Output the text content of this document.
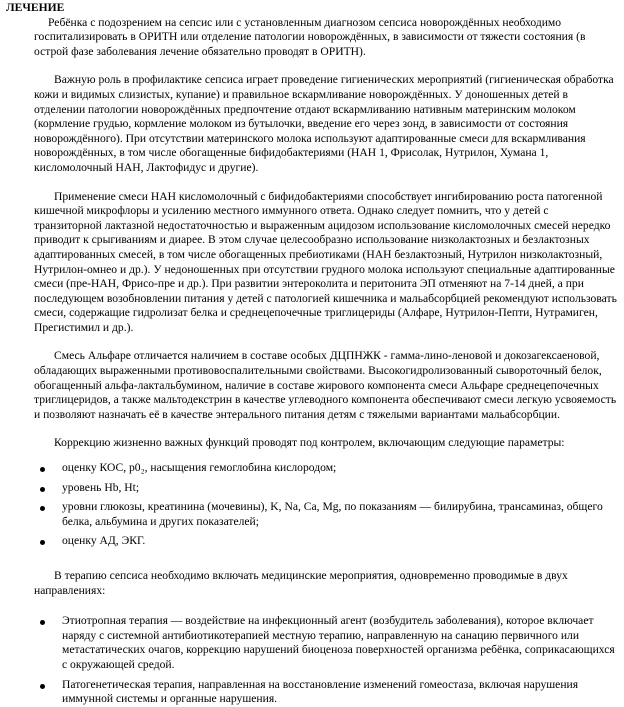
ЛЕЧЕНИЕ

Ребёнка с подозрением на сепсис или с установленным диагнозом сепсиса новорождённых необходимо госпитализировать в ОРИТН или отделение патологии новорождённых, в зависимости от тяжести состояния (в острой фазе заболевания лечение обязательно проводят в ОРИТН).

Важную роль в профилактике сепсиса играет проведение гигиенических мероприятий (гигиеническая обработка кожи и видимых слизистых, купание) и правильное вскармливание новорождённых. У доношенных детей в отделении патологии новорождённых предпочтение отдают вскармливанию нативным материнским молоком (кормление грудью, кормление молоком из бутылочки, введение его через зонд, в зависимости от состояния новорождённого). При отсутствии материнского молока используют адаптированные смеси для вскармливания новорождённых, в том числе обогащенные бифидобактериями (НАН 1, Фрисолак, Нутрилон, Хумана 1, кисломолочный НАН, Лактофидус и другие).

Применение смеси НАН кисломолочный с бифидобактериями способствует ингибированию роста патогенной кишечной микрофлоры и усилению местного иммунного ответа. Однако следует помнить, что у детей с транзиторной лактазной недостаточностью и выраженным ацидозом использование кисломолочных смесей нередко приводит к срыгиваниям и диарее. В этом случае целесообразно использование низколактозных и безлактозных адаптированных смесей, в том числе обогащенных пребиотиками (НАН безлактозный, Нутрилон низколактозный, Нутрилон-омнео и др.). У недоношенных при отсутствии грудного молока используют специальные адаптированные смеси (пре-НАН, Фрисо-пре и др.). При развитии энтероколита и перитонита ЭП отменяют на 7-14 дней, а при последующем возобновлении питания у детей с патологией кишечника и мальабсорбцией рекомендуют использовать смеси, содержащие гидролизат белка и среднецепочечные триглицериды (Алфаре, Нутрилон-Пепти, Нутрамиген, Прегистимил и др.).

Смесь Альфаре отличается наличием в составе особых ДЦПНЖК - гамма-лино-леновой и докозагексаеновой, обладающих выраженными противовоспалительными свойствами. Высокогидролизованный сывороточный белок, обогащенный альфа-лактальбумином, наличие в составе жирового компонента смеси Альфаре среднецепочечных триглицеридов, а также мальтодекстрин в качестве углеводного компонента обеспечивают смеси легкую усвояемость и позволяют назначать её в качестве энтерального питания детям с тяжелыми вариантами мальабсорбции.

Коррекцию жизненно важных функций проводят под контролем, включающим следующие параметры:

оценку КОС, p0₂, насыщения гемоглобина кислородом;
уровень Hb, Ht;
уровни глюкозы, креатинина (мочевины), K, Na, Ca, Mg, по показаниям — билирубина, трансаминаз, общего белка, альбумина и других показателей;
оценку АД, ЭКГ.

В терапию сепсиса необходимо включать медицинские мероприятия, одновременно проводимые в двух направлениях:

Этиотропная терапия — воздействие на инфекционный агент (возбудитель заболевания), которое включает наряду с системной антибиотикотерапией местную терапию, направленную на санацию первичного или метастатических очагов, коррекцию нарушений биоценоза поверхностей организма ребёнка, соприкасающихся с окружающей средой.
Патогенетическая терапия, направленная на восстановление изменений гомеостаза, включая нарушения иммунной системы и органные нарушения.
